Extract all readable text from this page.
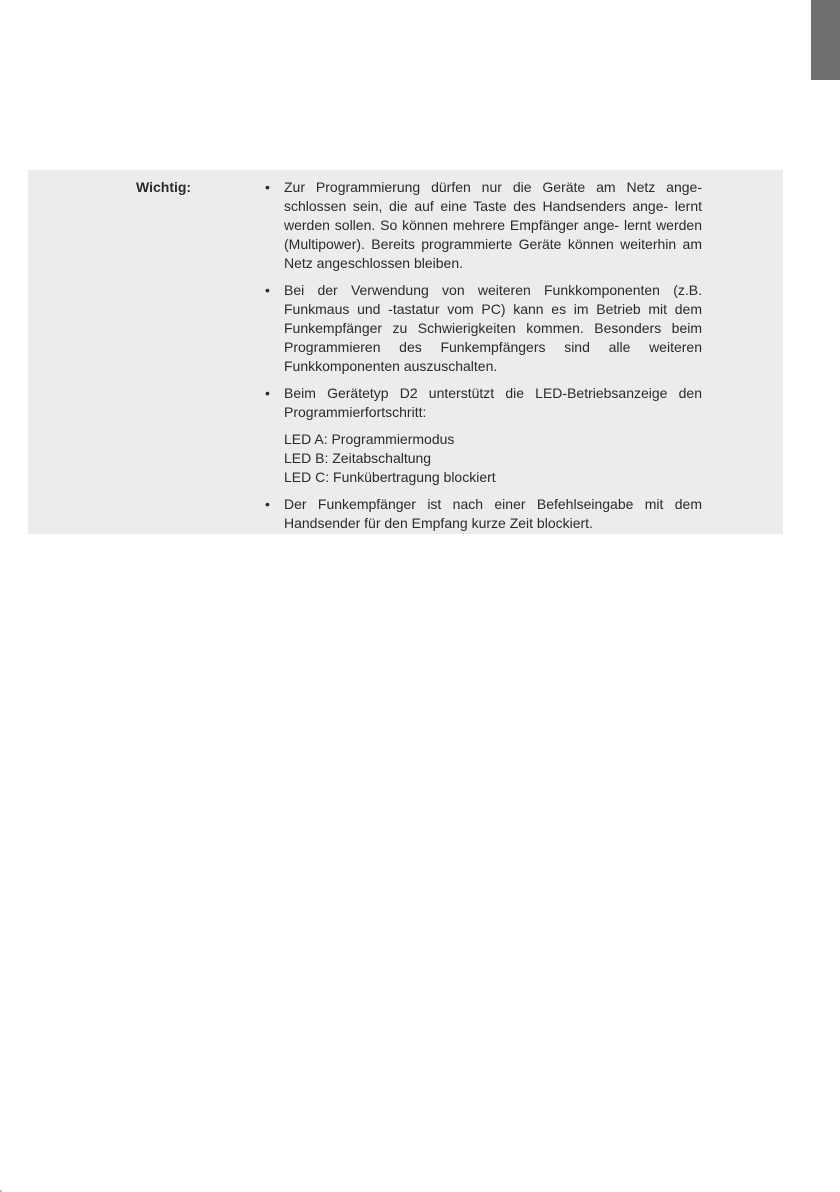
Wichtig:	•	Zur Programmierung dürfen nur die Geräte am Netz ange- schlossen sein, die auf eine Taste des Handsenders ange- lernt werden sollen. So können mehrere Empfänger ange- lernt werden (Multipower). Bereits programmierte Geräte können weiterhin am Netz angeschlossen bleiben.
•	Bei der Verwendung von weiteren Funkkomponenten (z.B. Funkmaus und -tastatur vom PC) kann es im Betrieb mit dem Funkempfänger zu Schwierigkeiten kommen. Besonders beim Programmieren des Funkempfängers sind alle weiteren Funkkomponenten auszuschalten.
•	Beim Gerätetyp D2 unterstützt die LED-Betriebsanzeige den Programmierfortschritt:
LED A: Programmiermodus
LED B: Zeitabschaltung
LED C: Funkübertragung blockiert
•	Der Funkempfänger ist nach einer Befehlseingabe mit dem Handsender für den Empfang kurze Zeit blockiert.
